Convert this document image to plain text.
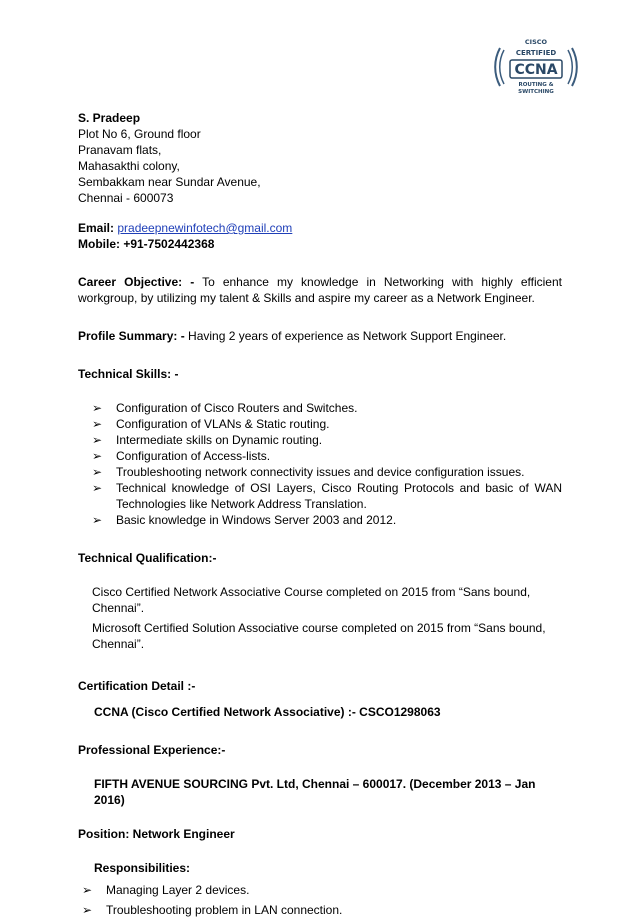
CISCO
CERTIFIED
CCNA
ROUTING &
SWITCHING

S. Pradeep

Plot No 6, Ground floor

Pranavam flats,

Mahasakthi colony,

Sembakkam near Sundar Avenue,

Chennai - 600073

Email: pradeepnewinfotech@gmail.com

Mobile: +91-7502442368

Career Objective: - To enhance my knowledge in Networking with highly efficient workgroup, by utilizing my talent & Skills and aspire my career as a Network Engineer.

Profile Summary: - Having 2 years of experience as Network Support Engineer.

Technical Skills: -

➢	Configuration of Cisco Routers and Switches.
➢	Configuration of VLANs & Static routing.
➢	Intermediate skills on Dynamic routing.
➢	Configuration of Access-lists.
➢	Troubleshooting network connectivity issues and device configuration issues.
➢	Technical knowledge of OSI Layers, Cisco Routing Protocols and basic of WAN Technologies like Network Address Translation.
➢	Basic knowledge in Windows Server 2003 and 2012.

Technical Qualification:-

Cisco Certified Network Associative Course completed on 2015 from “Sans bound, Chennai”.

Microsoft Certified Solution Associative course completed on 2015 from “Sans bound, Chennai”.

Certification Detail :-

CCNA (Cisco Certified Network Associative) :- CSCO1298063

Professional Experience:-

FIFTH AVENUE SOURCING Pvt. Ltd, Chennai – 600017. (December 2013 – Jan 2016)

Position: Network Engineer

Responsibilities:

➢	Managing Layer 2 devices.
➢	Troubleshooting problem in LAN connection.
